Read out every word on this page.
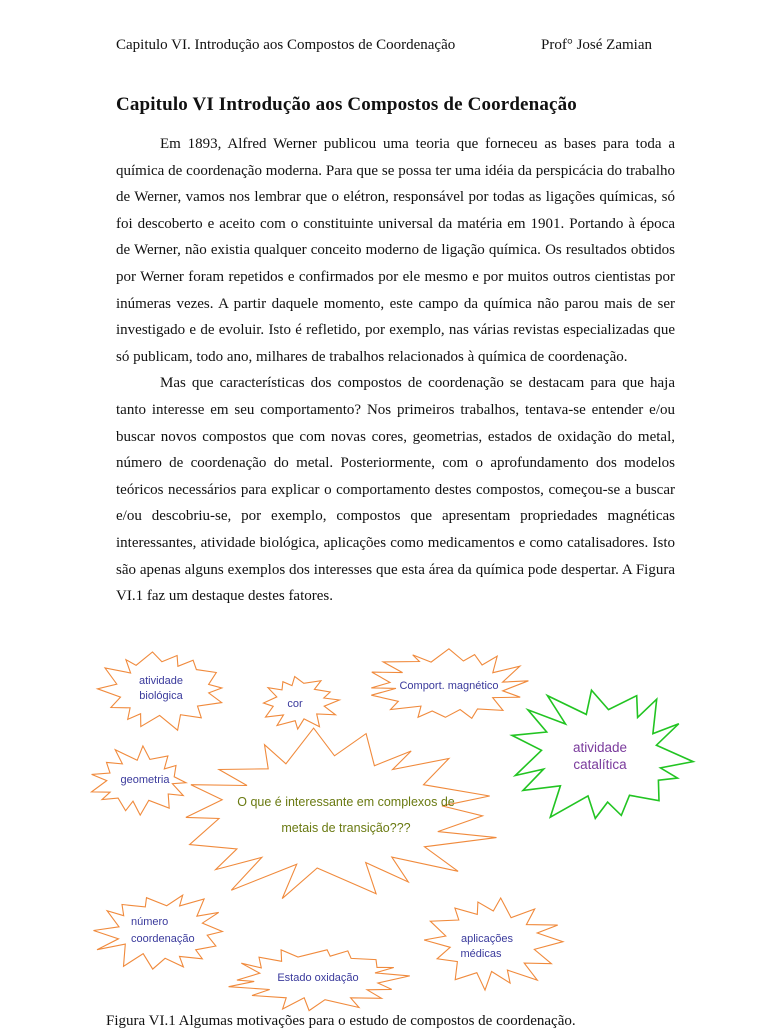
Capitulo VI. Introdução aos Compostos de Coordenação	Prof° José Zamian
Capitulo VI Introdução aos Compostos de Coordenação

Em 1893, Alfred Werner publicou uma teoria que forneceu as bases para toda a química de coordenação moderna. Para que se possa ter uma idéia da perspicácia do trabalho de Werner, vamos nos lembrar que o elétron, responsável por todas as ligações químicas, só foi descoberto e aceito com o constituinte universal da matéria em 1901. Portando à época de Werner, não existia qualquer conceito moderno de ligação química. Os resultados obtidos por Werner foram repetidos e confirmados por ele mesmo e por muitos outros cientistas por inúmeras vezes. A partir daquele momento, este campo da química não parou mais de ser investigado e de evoluir. Isto é refletido, por exemplo, nas várias revistas especializadas que só publicam, todo ano, milhares de trabalhos relacionados à química de coordenação.

Mas que características dos compostos de coordenação se destacam para que haja tanto interesse em seu comportamento? Nos primeiros trabalhos, tentava-se entender e/ou buscar novos compostos que com novas cores, geometrias, estados de oxidação do metal, número de coordenação do metal. Posteriormente, com o aprofundamento dos modelos teóricos necessários para explicar o comportamento destes compostos, começou-se a buscar e/ou descobriu-se, por exemplo, compostos que apresentam propriedades magnéticas interessantes, atividade biológica, aplicações como medicamentos e como catalisadores. Isto são apenas alguns exemplos dos interesses que esta área da química pode despertar. A Figura VI.1 faz um destaque destes fatores.

O que é interessante em complexos de
metais de transição???
atividade
biológica
cor
Comport. magnético
atividade
catalítica
geometria
número
coordenação	aplicações
médicas
Estado oxidação
Figura VI.1 Algumas motivações para o estudo de compostos de coordenação.
